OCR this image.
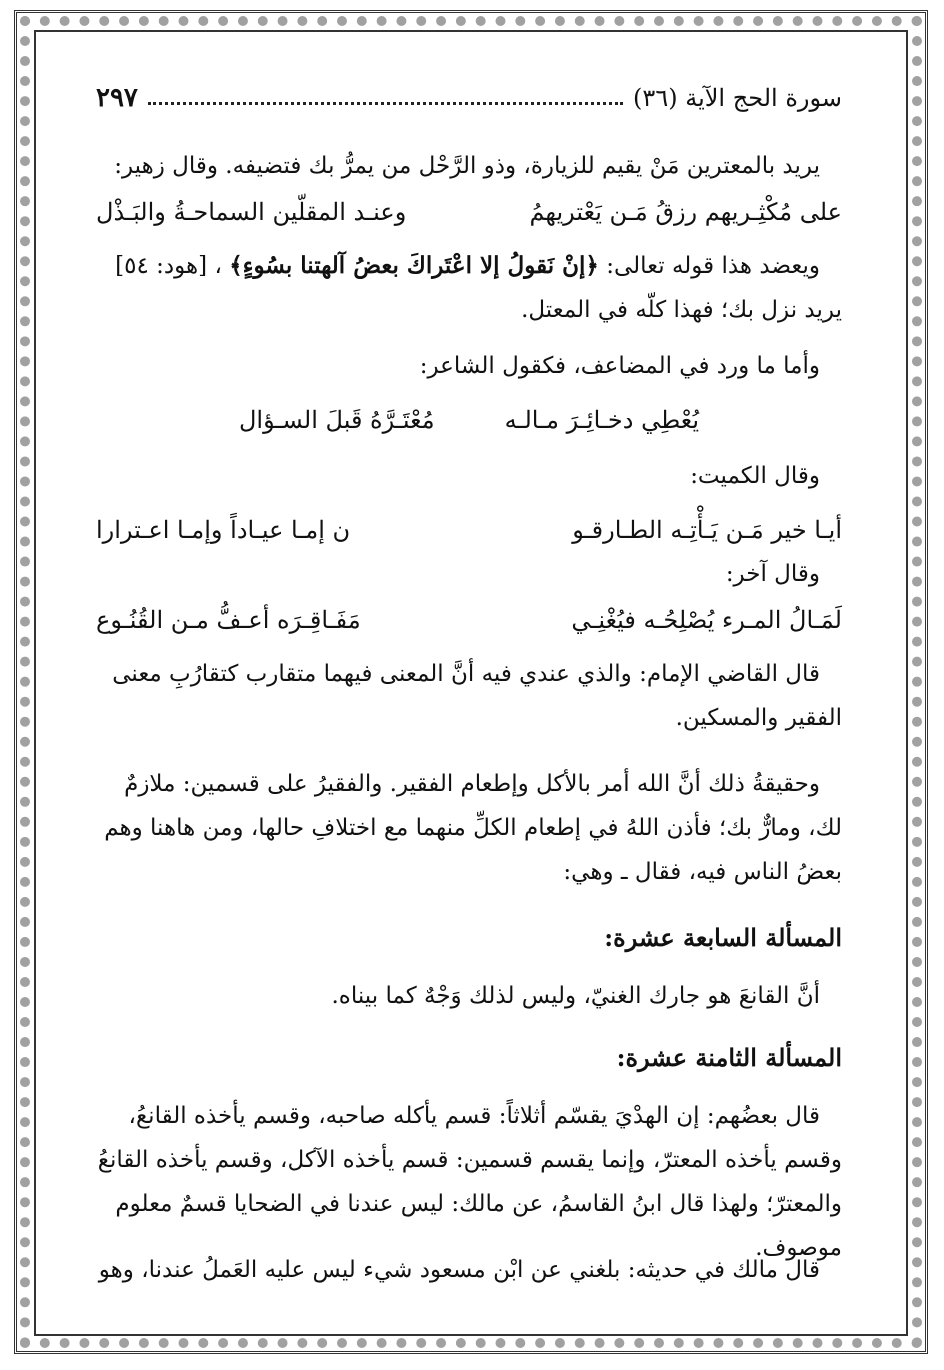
سورة الحج الآية (٣٦)
٢٩٧

يريد بالمعترين مَنْ يقيم للزيارة، وذو الرَّحْل من يمرُّ بك فتضيفه. وقال زهير:

على مُكْثِـريهم رزقُ مَـن يَعْتريهمُ
وعنـد المقلّين السماحـةُ والبَـذْل

ويعضد هذا قوله تعالى: ﴿إنْ نَقولُ إلا اعْتَراكَ بعضُ آلهتنا بسُوءٍ﴾ ، [هود: ٥٤] يريد نزل بك؛ فهذا كلّه في المعتل.

وأما ما ورد في المضاعف، فكقول الشاعر:

يُعْطِي دخـائِـرَ مـالـه
مُعْتَـرَّهُ قَبلَ السـؤال

وقال الكميت:

أيـا خير مَـن يَـأْتِـه الطـارقـو
ن إمـا عيـاداً وإمـا اعـترارا

وقال آخر:

لَمَـالُ المـرء يُصْلِحُـه فيُغْنِـي
مَفَـاقِـرَه أعـفُّ مـن القُنُـوع

قال القاضي الإمام: والذي عندي فيه أنَّ المعنى فيهما متقارب كتقارُبِ معنى الفقير والمسكين.

وحقيقةُ ذلك أنَّ الله أمر بالأكل وإطعام الفقير. والفقيرُ على قسمين: ملازمٌ لك، ومارٌّ بك؛ فأذن اللهُ في إطعام الكلِّ منهما مع اختلافِ حالها، ومن هاهنا وهم بعضُ الناس فيه، فقال ـ وهي:

المسألة السابعة عشرة:

أنَّ القانعَ هو جارك الغنيّ، وليس لذلك وَجْهٌ كما بيناه.

المسألة الثامنة عشرة:

قال بعضُهم: إن الهدْيَ يقسّم أثلاثاً: قسم يأكله صاحبه، وقسم يأخذه القانعُ، وقسم يأخذه المعترّ، وإنما يقسم قسمين: قسم يأخذه الآكل، وقسم يأخذه القانعُ والمعترّ؛ ولهذا قال ابنُ القاسمُ، عن مالك: ليس عندنا في الضحايا قسمٌ معلوم موصوف.

قال مالك في حديثه: بلغني عن ابْن مسعود شيء ليس عليه العَملُ عندنا، وهو
